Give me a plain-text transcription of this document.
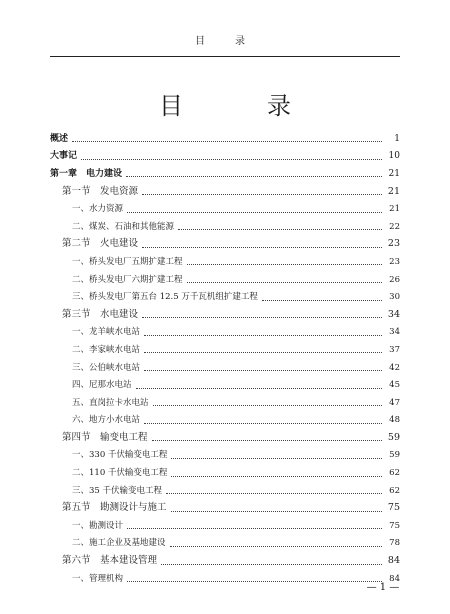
目　录
目　录
概述	1
大事记	10
第一章　电力建设	21
第一节　发电资源	21
一、水力资源	21
二、煤炭、石油和其他能源	22
第二节　火电建设	23
一、桥头发电厂五期扩建工程	23
二、桥头发电厂六期扩建工程	26
三、桥头发电厂第五台 12.5 万千瓦机组扩建工程	30
第三节　水电建设	34
一、龙羊峡水电站	34
二、李家峡水电站	37
三、公伯峡水电站	42
四、尼那水电站	45
五、直岗拉卡水电站	47
六、地方小水电站	48
第四节　输变电工程	59
一、330 千伏输变电工程	59
二、110 千伏输变电工程	62
三、35 千伏输变电工程	62
第五节　勘测设计与施工	75
一、勘测设计	75
二、施工企业及基地建设	78
第六节　基本建设管理	84
一、管理机构	84
— 1 —
